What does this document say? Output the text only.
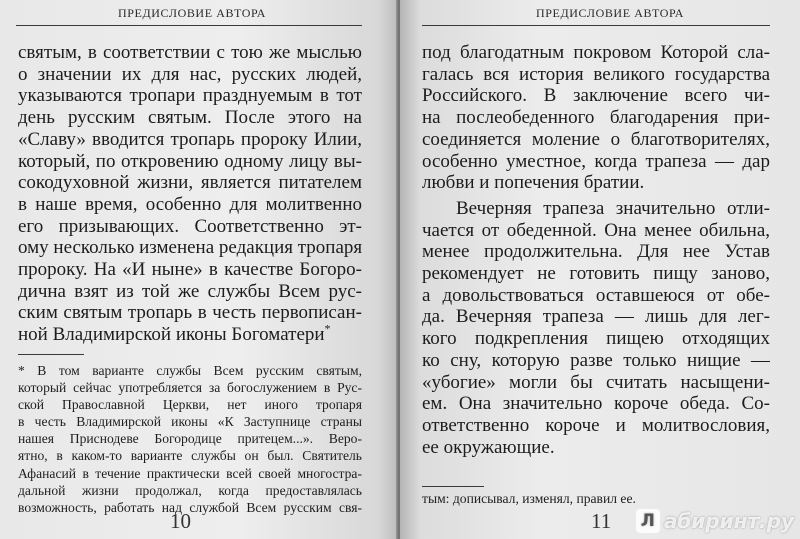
ПРЕДИСЛОВИЕ АВТОРА
святым, в соответствии с тою же мыслью
о значении их для нас, русских людей,
указываются тропари празднуемым в тот
день русским святым. После этого на
«Славу» вводится тропарь пророку Илии,
который, по откровению одному лицу вы-
сокодуховной жизни, является питателем
в наше время, особенно для молитвенно
его призывающих. Соответственно эт-
ому несколько изменена редакция тропаря
пророку. На «И ныне» в качестве Богоро-
дична взят из той же службы Всем рус-
ским святым тропарь в честь первописан-
ной Владимирской иконы Богоматери*
* В том варианте службы Всем русским святым,
который сейчас употребляется за богослужением в Рус-
ской Православной Церкви, нет иного тропаря
в честь Владимирской иконы «К Заступнице страны
нашея Приснодеве Богородице притецем...». Веро-
ятно, в каком-то варианте службы он был. Святитель
Афанасий в течение практически всей своей многостра-
дальной жизни продолжал, когда предоставлялась
возможность, работать над службой Всем русским свя-
10
ПРЕДИСЛОВИЕ АВТОРА
под благодатным покровом Которой сла-
галась вся история великого государства
Российского. В заключение всего чи-
на послеобеденного благодарения при-
соединяется моление о благотворителях,
особенно уместное, когда трапеза — дар
любви и попечения братии.
Вечерняя трапеза значительно отли-
чается от обеденной. Она менее обильна,
менее продолжительна. Для нее Устав
рекомендует не готовить пищу заново,
а довольствоваться оставшеюся от обе-
да. Вечерняя трапеза — лишь для лег-
кого подкрепления пищею отходящих
ко сну, которую разве только нищие —
«убогие» могли бы считать насыщени-
ем. Она значительно короче обеда. Со-
ответственно короче и молитвословия,
ее окружающие.
тым: дописывал, изменял, правил ее.
11 Л абиринт.ру
